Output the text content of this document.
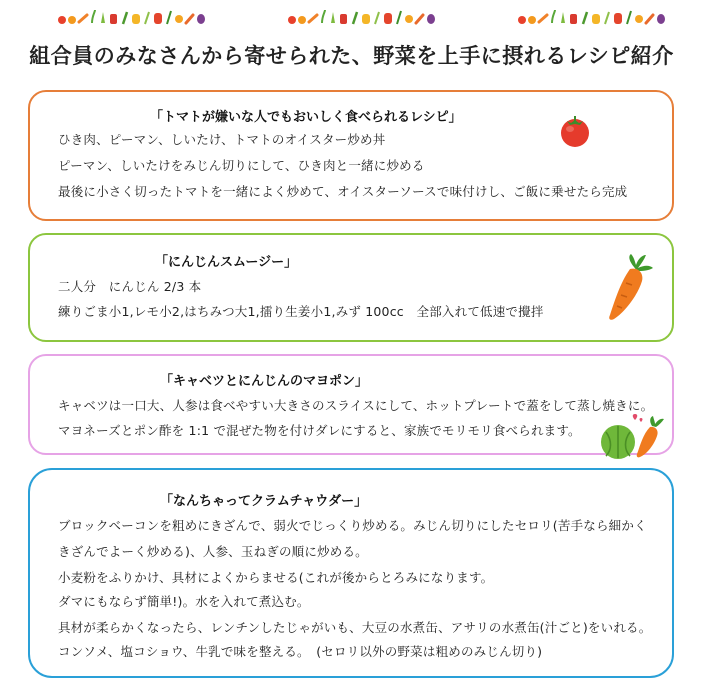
組合員のみなさんから寄せられた、野菜を上手に摂れるレシピ紹介
「トマトが嫌いな人でもおいしく食べられるレシピ」
ひき肉、ピーマン、しいたけ、トマトのオイスター炒め丼
ピーマン、しいたけをみじん切りにして、ひき肉と一緒に炒める
最後に小さく切ったトマトを一緒によく炒めて、オイスターソースで味付けし、ご飯に乗せたら完成
「にんじんスムージー」
二人分　にんじん 2/3 本
練りごま小1,レモ小2,はちみつ大1,擂り生姜小1,みず 100cc　全部入れて低速で攪拌
「キャベツとにんじんのマヨポン」
キャベツは一口大、人参は食べやすい大きさのスライスにして、ホットプレートで蓋をして蒸し焼きに。
マヨネーズとポン酢を 1:1 で混ぜた物を付けダレにすると、家族でモリモリ食べられます。
「なんちゃってクラムチャウダー」
ブロックベーコンを粗めにきざんで、弱火でじっくり炒める。みじん切りにしたセロリ(苦手なら細かく
きざんでよーく炒める)、人参、玉ねぎの順に炒める。
小麦粉をふりかけ、具材によくからませる(これが後からとろみになります。
ダマにもならず簡単!)。水を入れて煮込む。
具材が柔らかくなったら、レンチンしたじゃがいも、大豆の水煮缶、アサリの水煮缶(汁ごと)をいれる。
コンソメ、塩コショウ、牛乳で味を整える。　(セロリ以外の野菜は粗めのみじん切り)
